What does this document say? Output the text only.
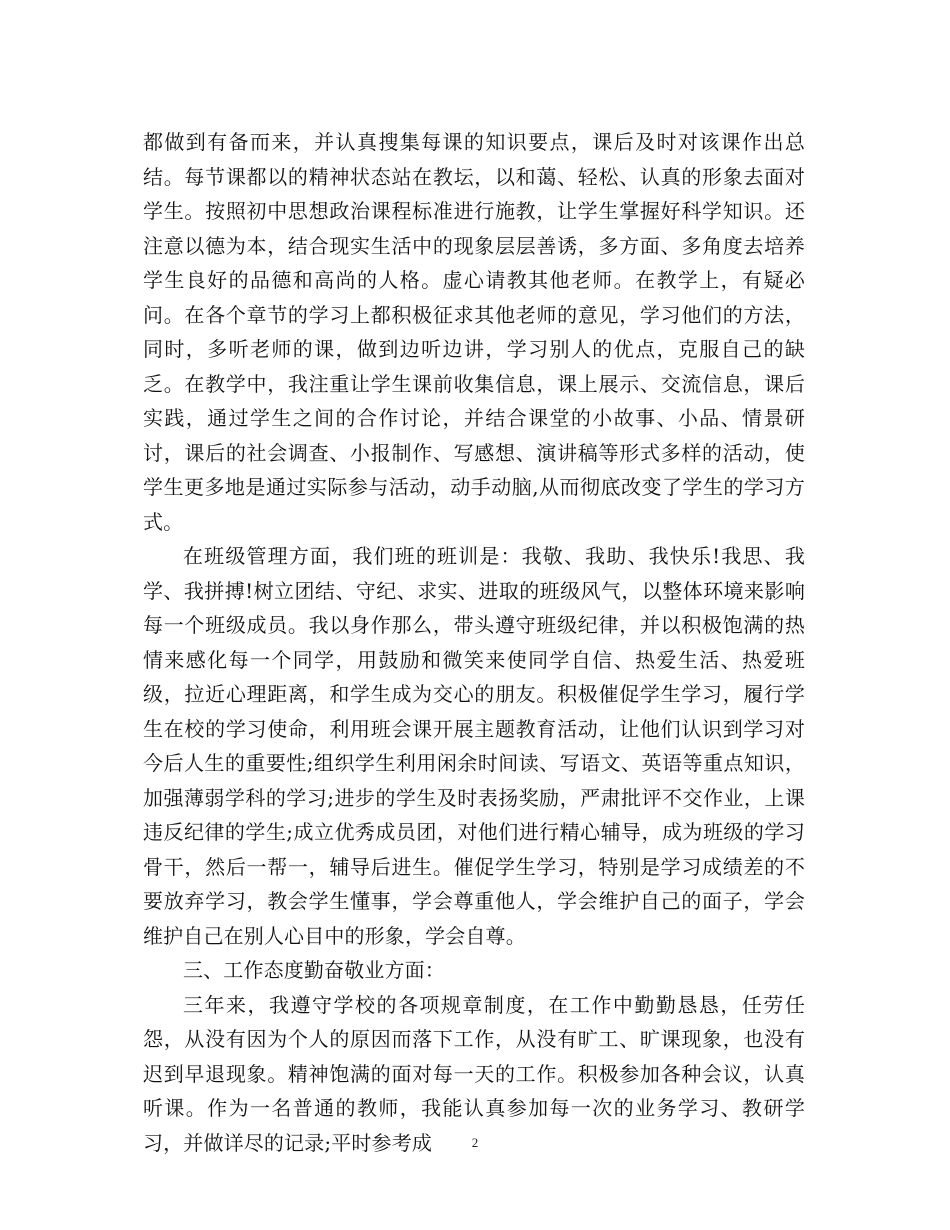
都做到有备而来，并认真搜集每课的知识要点，课后及时对该课作出总结。每节课都以的精神状态站在教坛，以和蔼、轻松、认真的形象去面对学生。按照初中思想政治课程标准进行施教，让学生掌握好科学知识。还注意以德为本，结合现实生活中的现象层层善诱，多方面、多角度去培养学生良好的品德和高尚的人格。虚心请教其他老师。在教学上，有疑必问。在各个章节的学习上都积极征求其他老师的意见，学习他们的方法，同时，多听老师的课，做到边听边讲，学习别人的优点，克服自己的缺乏。在教学中，我注重让学生课前收集信息，课上展示、交流信息，课后实践，通过学生之间的合作讨论，并结合课堂的小故事、小品、情景研讨，课后的社会调查、小报制作、写感想、演讲稿等形式多样的活动，使学生更多地是通过实际参与活动，动手动脑,从而彻底改变了学生的学习方式。

在班级管理方面，我们班的班训是：我敬、我助、我快乐!我思、我学、我拼搏!树立团结、守纪、求实、进取的班级风气，以整体环境来影响每一个班级成员。我以身作那么，带头遵守班级纪律，并以积极饱满的热情来感化每一个同学，用鼓励和微笑来使同学自信、热爱生活、热爱班级，拉近心理距离，和学生成为交心的朋友。积极催促学生学习，履行学生在校的学习使命，利用班会课开展主题教育活动，让他们认识到学习对今后人生的重要性;组织学生利用闲余时间读、写语文、英语等重点知识，加强薄弱学科的学习;进步的学生及时表扬奖励，严肃批评不交作业，上课违反纪律的学生;成立优秀成员团，对他们进行精心辅导，成为班级的学习骨干，然后一帮一，辅导后进生。催促学生学习，特别是学习成绩差的不要放弃学习，教会学生懂事，学会尊重他人，学会维护自己的面子，学会维护自己在别人心目中的形象，学会自尊。

三、工作态度勤奋敬业方面：

三年来，我遵守学校的各项规章制度，在工作中勤勤恳恳，任劳任怨，从没有因为个人的原因而落下工作，从没有旷工、旷课现象，也没有迟到早退现象。精神饱满的面对每一天的工作。积极参加各种会议，认真听课。作为一名普通的教师，我能认真参加每一次的业务学习、教研学习，并做详尽的记录;平时参考成	2
